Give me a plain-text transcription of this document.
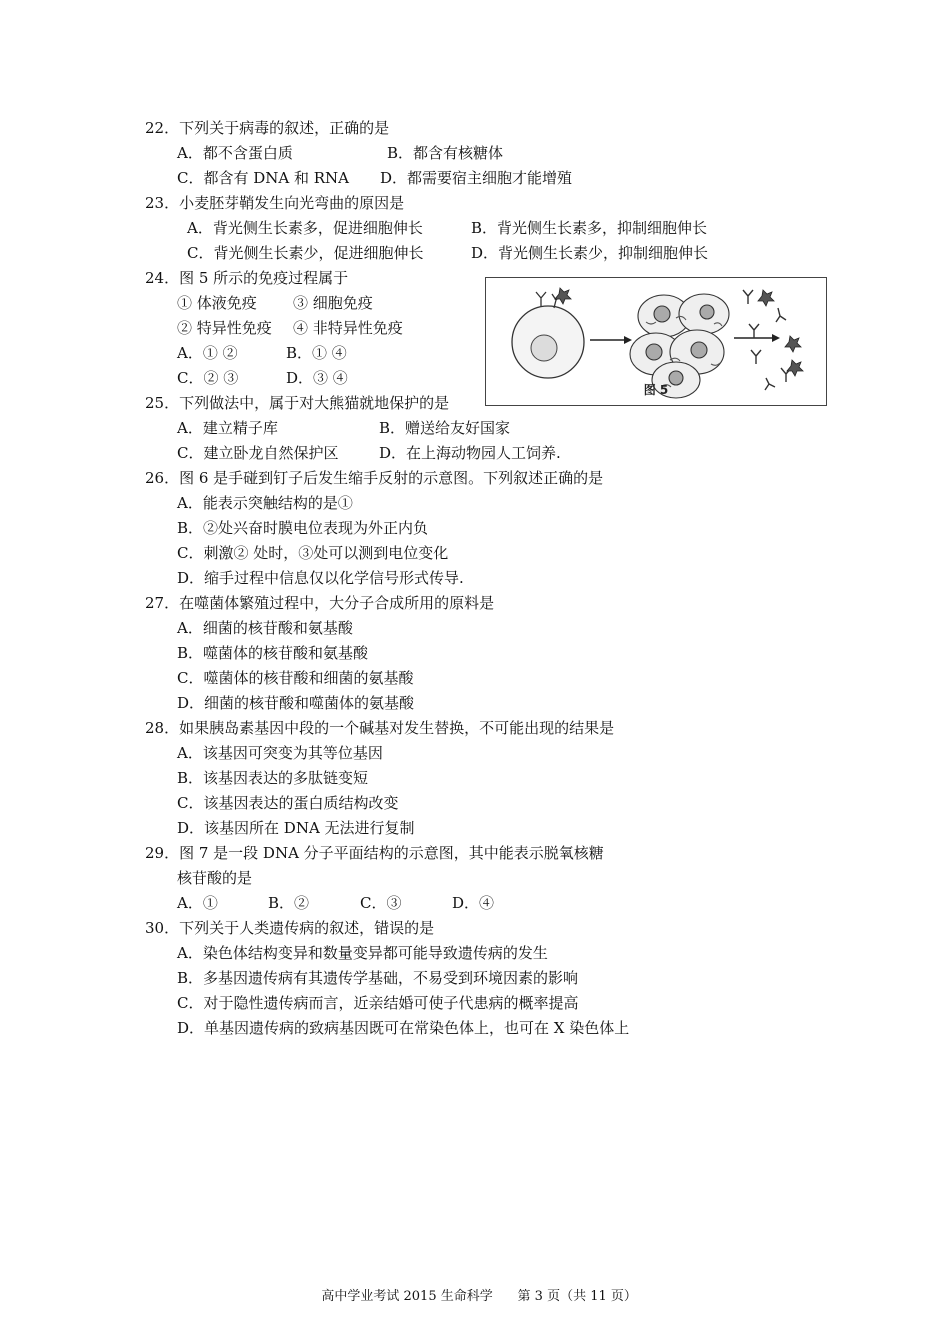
22．下列关于病毒的叙述，正确的是
A．都不含蛋白质	B．都含有核糖体
C．都含有 DNA 和 RNA D．都需要宿主细胞才能增殖
23．小麦胚芽鞘发生向光弯曲的原因是
A．背光侧生长素多，促进细胞伸长	B．背光侧生长素多，抑制细胞伸长
C．背光侧生长素少，促进细胞伸长	D．背光侧生长素少，抑制细胞伸长
24．图 5 所示的免疫过程属于
① 体液免疫 ③ 细胞免疫
② 特异性免疫 ④ 非特异性免疫
A．① ②	B．① ④
C．② ③	D．③ ④
图 5
25．下列做法中，属于对大熊猫就地保护的是
A．建立精子库	B．赠送给友好国家
C．建立卧龙自然保护区	D．在上海动物园人工饲养.
26．图 6 是手碰到钉子后发生缩手反射的示意图。下列叙述正确的是
A．能表示突触结构的是①
B．②处兴奋时膜电位表现为外正内负
C．刺激② 处时，③处可以测到电位变化
D．缩手过程中信息仅以化学信号形式传导.
27．在噬菌体繁殖过程中，大分子合成所用的原料是
A．细菌的核苷酸和氨基酸
B．噬菌体的核苷酸和氨基酸
C．噬菌体的核苷酸和细菌的氨基酸
D．细菌的核苷酸和噬菌体的氨基酸
28．如果胰岛素基因中段的一个碱基对发生替换，不可能出现的结果是
A．该基因可突变为其等位基因
B．该基因表达的多肽链变短
C．该基因表达的蛋白质结构改变
D．该基因所在 DNA 无法进行复制
29．图 7 是一段 DNA 分子平面结构的示意图，其中能表示脱氧核糖
核苷酸的是
A．①	B．②	C．③	D．④
30．下列关于人类遗传病的叙述，错误的是
A．染色体结构变异和数量变异都可能导致遗传病的发生
B．多基因遗传病有其遗传学基础，不易受到环境因素的影响
C．对于隐性遗传病而言，近亲结婚可使子代患病的概率提高
D．单基因遗传病的致病基因既可在常染色体上，也可在 X 染色体上

高中学业考试 2015 生命科学 第 3 页（共 11 页）
